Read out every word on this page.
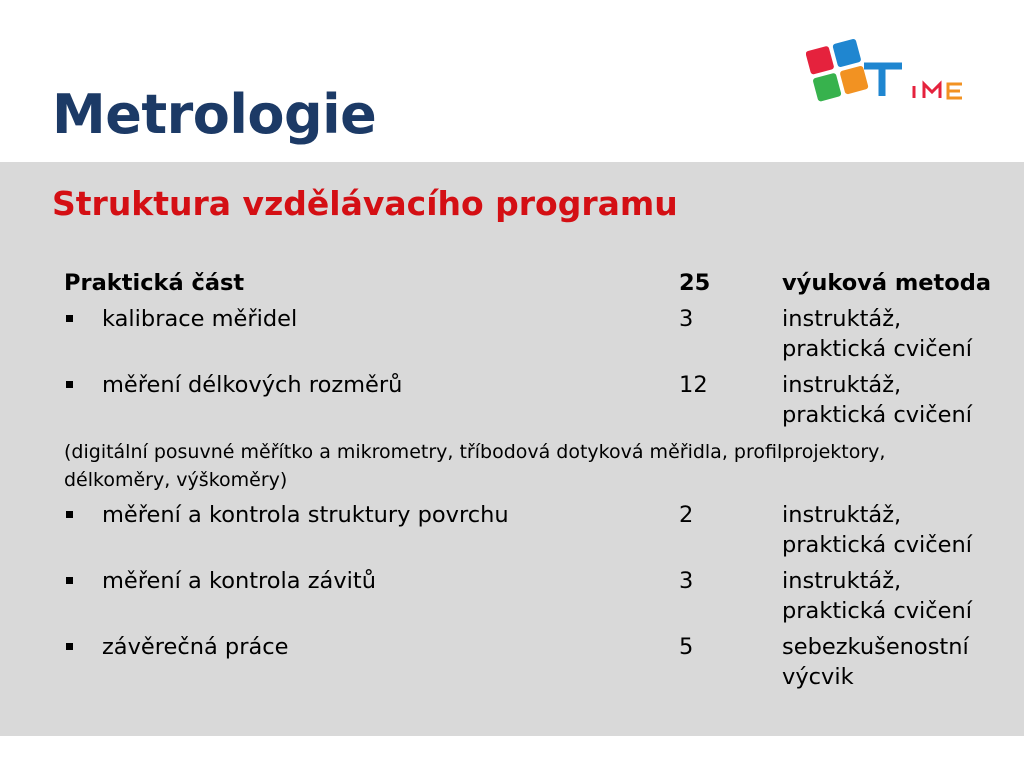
Metrologie
Struktura vzdělávacího programu
Praktická část	25	výuková metoda
kalibrace měřidel	3	instruktáž,
praktická cvičení
měření délkových rozměrů	12	instruktáž,
praktická cvičení
(digitální posuvné měřítko a mikrometry, tříbodová dotyková měřidla, profilprojektory, délkoměry, výškoměry)
měření a kontrola struktury povrchu	2	instruktáž,
praktická cvičení
měření a kontrola závitů	3	instruktáž,
praktická cvičení
závěrečná práce	5	sebezkušenostní
výcvik
